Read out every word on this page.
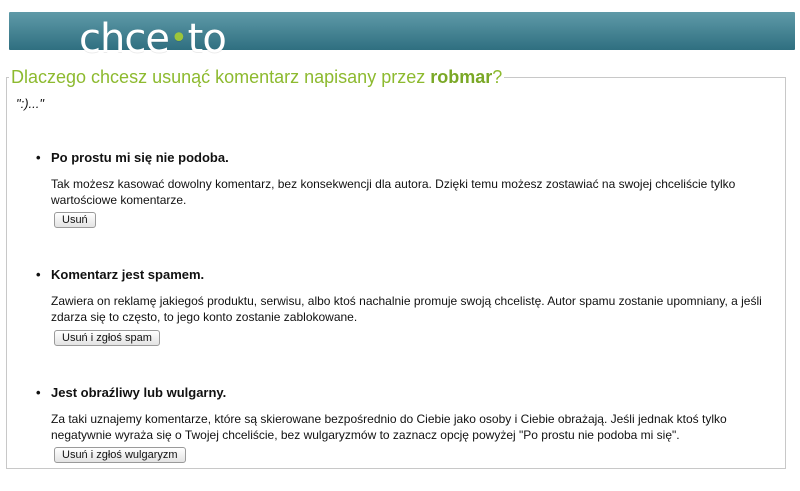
chce•to
Dlaczego chcesz usunąć komentarz napisany przez robmar?
":)..."
• Po prostu mi się nie podoba.
Tak możesz kasować dowolny komentarz, bez konsekwencji dla autora. Dzięki temu możesz zostawiać na swojej chceliście tylko wartościowe komentarze.
Usuń
• Komentarz jest spamem.
Zawiera on reklamę jakiegoś produktu, serwisu, albo ktoś nachalnie promuje swoją chcelistę. Autor spamu zostanie upomniany, a jeśli zdarza się to często, to jego konto zostanie zablokowane.
Usuń i zgłoś spam
• Jest obraźliwy lub wulgarny.
Za taki uznajemy komentarze, które są skierowane bezpośrednio do Ciebie jako osoby i Ciebie obrażają. Jeśli jednak ktoś tylko negatywnie wyraża się o Twojej chceliście, bez wulgaryzmów to zaznacz opcję powyżej "Po prostu nie podoba mi się".
Usuń i zgłoś wulgaryzm
